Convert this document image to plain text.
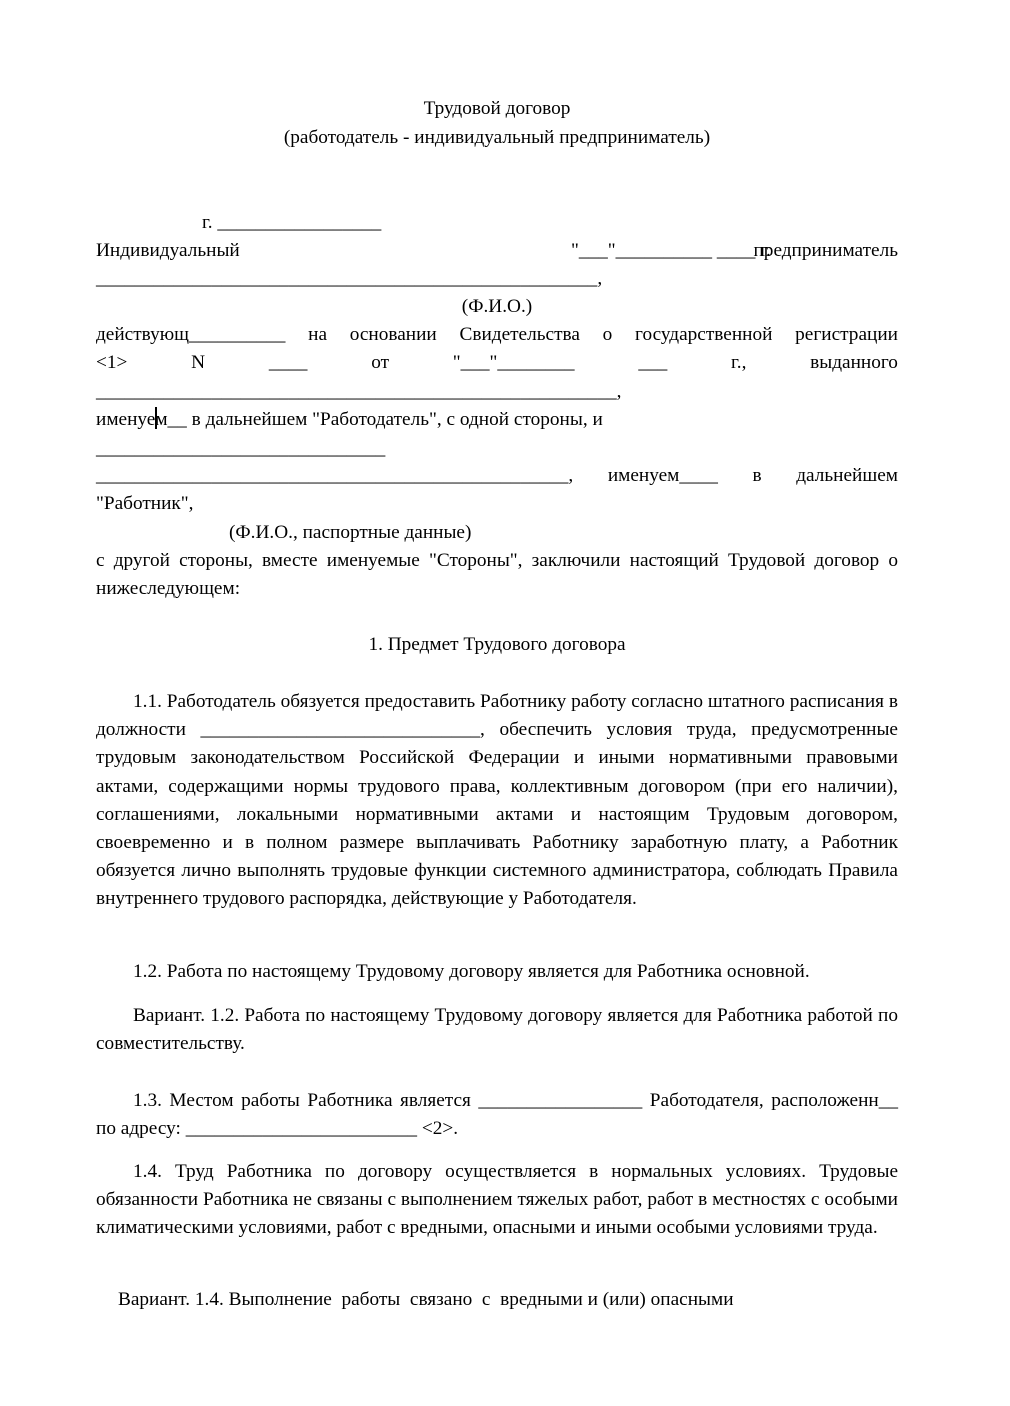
Трудовой договор
(работодатель - индивидуальный предприниматель)

г. _________________

"___"__________ ____ г.

Индивидуальный	предприниматель
____________________________________________________,
(Ф.И.О.)
действующ__________ на основании Свидетельства о государственной регистрации
<1>	N	____	от	"___"________	___	г.,	выданного
______________________________________________________,
именуем__ в дальнейшем "Работодатель", с одной стороны, и
______________________________
_________________________________________________, именуем____ в дальнейшем
"Работник",
(Ф.И.О., паспортные данные)
с другой стороны, вместе именуемые "Стороны", заключили настоящий Трудовой договор о нижеследующем:
1. Предмет Трудового договора
1.1. Работодатель обязуется предоставить Работнику работу согласно штатного расписания в должности _____________________________, обеспечить условия труда, предусмотренные трудовым законодательством Российской Федерации и иными нормативными правовыми актами, содержащими нормы трудового права, коллективным договором (при его наличии), соглашениями, локальными нормативными актами и настоящим Трудовым договором, своевременно и в полном размере выплачивать Работнику заработную плату, а Работник обязуется лично выполнять трудовые функции системного администратора, соблюдать Правила внутреннего трудового распорядка, действующие у Работодателя.
1.2. Работа по настоящему Трудовому договору является для Работника основной.
Вариант. 1.2. Работа по настоящему Трудовому договору является для Работника работой по совместительству.
1.3. Местом работы Работника является _________________ Работодателя, расположенн__ по адресу: ________________________ <2>.
1.4. Труд Работника по договору осуществляется в нормальных условиях. Трудовые обязанности Работника не связаны с выполнением тяжелых работ, работ в местностях с особыми климатическими условиями, работ с вредными, опасными и иными особыми условиями труда.
Вариант. 1.4. Выполнение  работы  связано  с  вредными и (или) опасными
